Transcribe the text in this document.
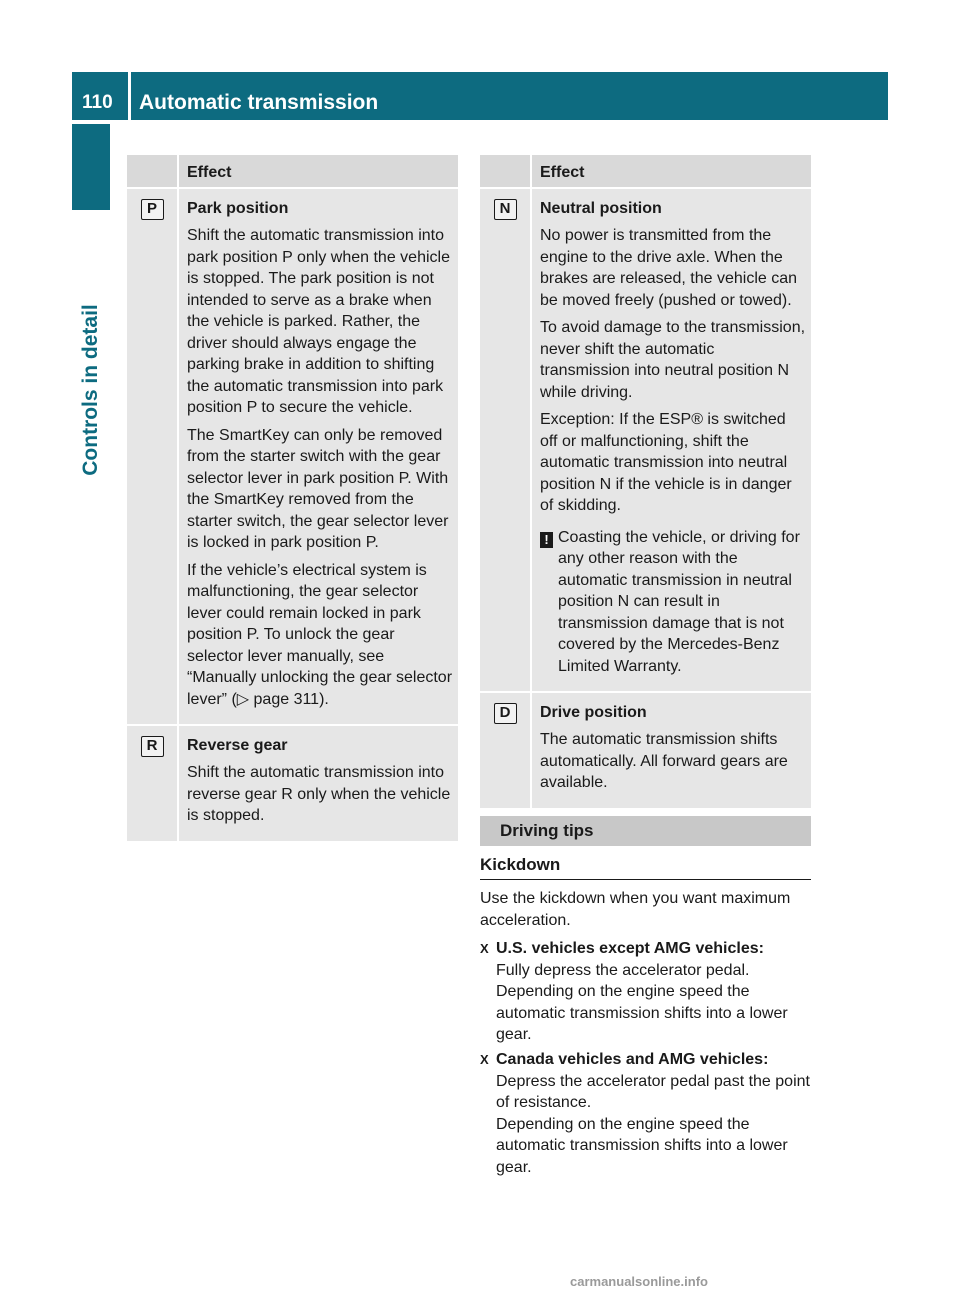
110	Automatic transmission
Controls in detail
Effect
P	Park position
Shift the automatic transmission into park position P only when the vehicle is stopped. The park position is not intended to serve as a brake when the vehicle is parked. Rather, the driver should always engage the parking brake in addition to shifting the automatic transmission into park position P to secure the vehicle.
The SmartKey can only be removed from the starter switch with the gear selector lever in park position P. With the SmartKey removed from the starter switch, the gear selector lever is locked in park position P.
If the vehicle’s electrical system is malfunctioning, the gear selector lever could remain locked in park position P. To unlock the gear selector lever manually, see “Manually unlocking the gear selector lever” (▷ page 311).
R	Reverse gear
Shift the automatic transmission into reverse gear R only when the vehicle is stopped.
Effect
N	Neutral position
No power is transmitted from the engine to the drive axle. When the brakes are released, the vehicle can be moved freely (pushed or towed).
To avoid damage to the transmission, never shift the automatic transmission into neutral position N while driving.
Exception: If the ESP® is switched off or malfunctioning, shift the automatic transmission into neutral position N if the vehicle is in danger of skidding.
! Coasting the vehicle, or driving for any other reason with the automatic transmission in neutral position N can result in transmission damage that is not covered by the Mercedes-Benz Limited Warranty.
D	Drive position
The automatic transmission shifts automatically. All forward gears are available.
Driving tips
Kickdown
Use the kickdown when you want maximum acceleration.
X U.S. vehicles except AMG vehicles:
Fully depress the accelerator pedal.
Depending on the engine speed the automatic transmission shifts into a lower gear.
X Canada vehicles and AMG vehicles:
Depress the accelerator pedal past the point of resistance.
Depending on the engine speed the automatic transmission shifts into a lower gear.
carmanualsonline.info
